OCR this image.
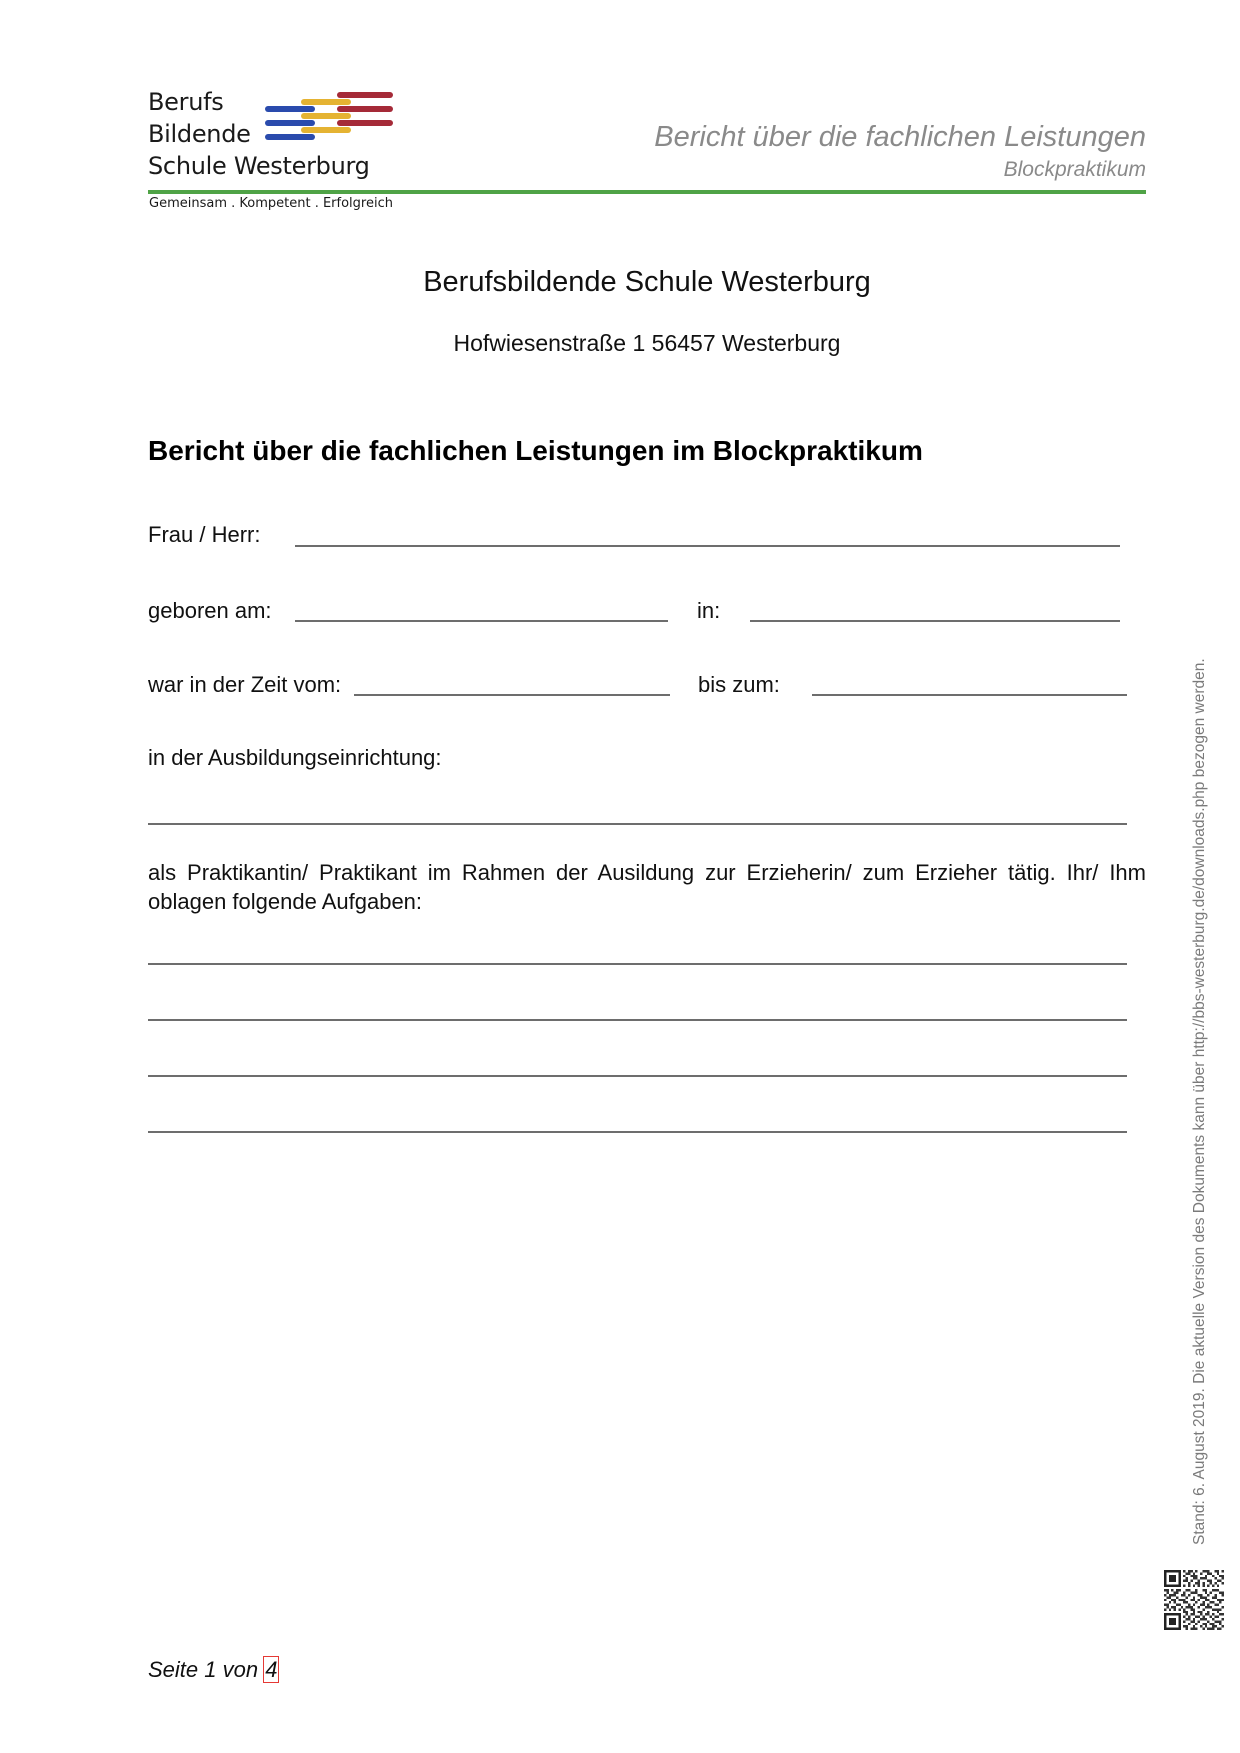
Berufs
Bildende
Schule Westerburg
Gemeinsam . Kompetent . Erfolgreich
Bericht über die fachlichen Leistungen
Blockpraktikum
Berufsbildende Schule Westerburg
Hofwiesenstraße 1 56457 Westerburg
Bericht über die fachlichen Leistungen im Blockpraktikum
Frau / Herr:
geboren am:	in:
war in der Zeit vom:	bis zum:
in der Ausbildungseinrichtung:
als Praktikantin/ Praktikant im Rahmen der Ausildung zur Erzieherin/ zum Erzieher tätig. Ihr/ Ihm oblagen folgende Aufgaben:	Stand: 6. August 2019. Die aktuelle Version des Dokuments kann über http://bbs-westerburg.de/downloads.php bezogen werden.
Seite 1 von 4
